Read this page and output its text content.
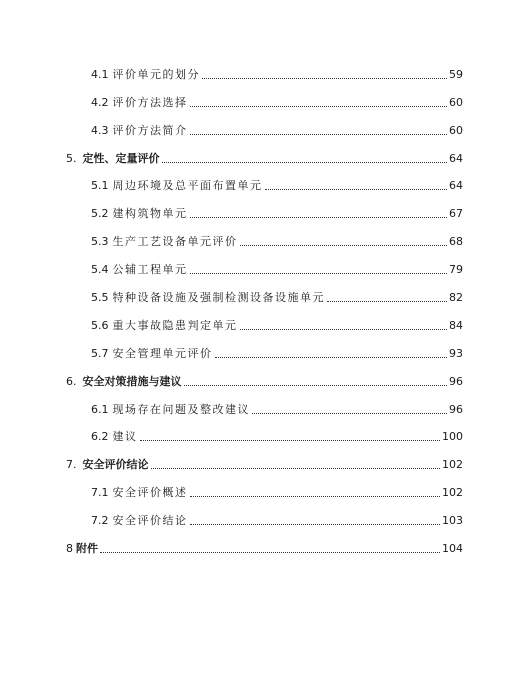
4.1 评价单元的划分	59
4.2 评价方法选择	60
4.3 评价方法简介	60
5. 定性、定量评价	64
5.1 周边环境及总平面布置单元	64
5.2 建构筑物单元	67
5.3 生产工艺设备单元评价	68
5.4 公辅工程单元	79
5.5 特种设备设施及强制检测设备设施单元	82
5.6 重大事故隐患判定单元	84
5.7 安全管理单元评价	93
6. 安全对策措施与建议	96
6.1 现场存在问题及整改建议	96
6.2 建议	100
7. 安全评价结论	102
7.1 安全评价概述	102
7.2 安全评价结论	103
8 附件	104
